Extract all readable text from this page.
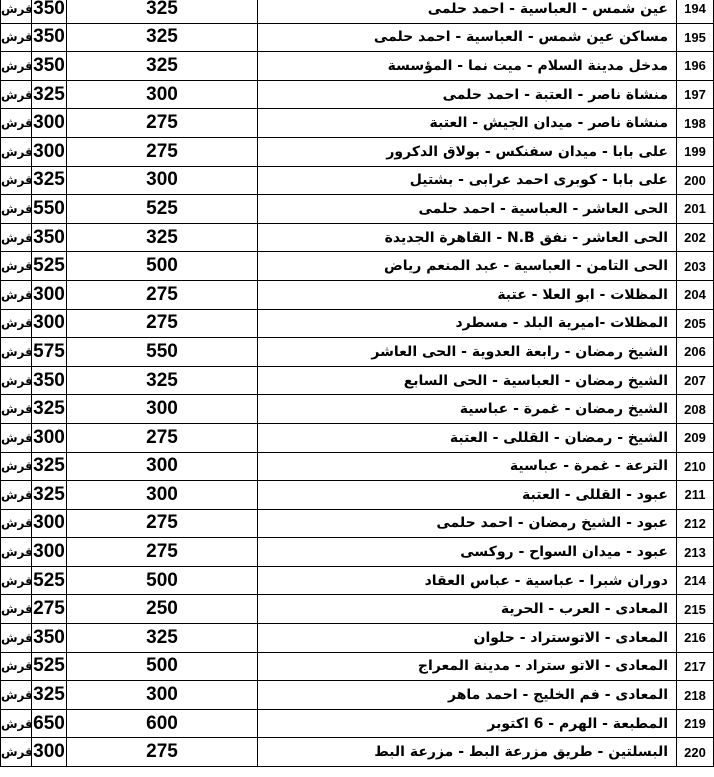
قرش	350	325	عين شمس - العباسية - احمد حلمى	194
قرش	350	325	مساكن عين شمس - العباسية - احمد حلمى	195
قرش	350	325	مدخل مدينة السلام - ميت نما - المؤسسة	196
قرش	325	300	منشاة ناصر - العتبة - احمد حلمى	197
قرش	300	275	منشاة ناصر - ميدان الجيش - العتبة	198
قرش	300	275	على بابا - ميدان سفنكس - بولاق الدكرور	199
قرش	325	300	على بابا - كوبرى احمد عرابى - بشتيل	200
قرش	550	525	الحى العاشر - العباسية - احمد حلمى	201
قرش	350	325	الحى العاشر - نفق N.B - القاهرة الجديدة	202
قرش	525	500	الحى التامن - العباسية - عبد المنعم رياض	203
قرش	300	275	المظلات - ابو العلا - عتبة	204
قرش	300	275	المظلات -اميرية البلد - مسطرد	205
قرش	575	550	الشيخ رمضان - رابعة العدوية - الحى العاشر	206
قرش	350	325	الشيخ رمضان - العباسية - الحى السابع	207
قرش	325	300	الشيخ رمضان - غمرة - عباسية	208
قرش	300	275	الشيخ - رمضان - القللى - العتبة	209
قرش	325	300	الترعة - غمرة - عباسية	210
قرش	325	300	عبود - القللى - العتبة	211
قرش	300	275	عبود - الشيخ رمضان - احمد حلمى	212
قرش	300	275	عبود - ميدان السواح - روكسى	213
قرش	525	500	دوران شبرا - عباسية - عباس العقاد	214
قرش	275	250	المعادى - العرب - الحرية	215
قرش	350	325	المعادى - الاتوستراد - حلوان	216
قرش	525	500	المعادى - الاتو ستراد - مدينة المعراج	217
قرش	325	300	المعادى - فم الخليج - احمد ماهر	218
قرش	650	600	المطبعة - الهرم - 6 اكتوبر	219
قرش	300	275	البسلتين - طريق مزرعة البط - مزرعة البط	220
